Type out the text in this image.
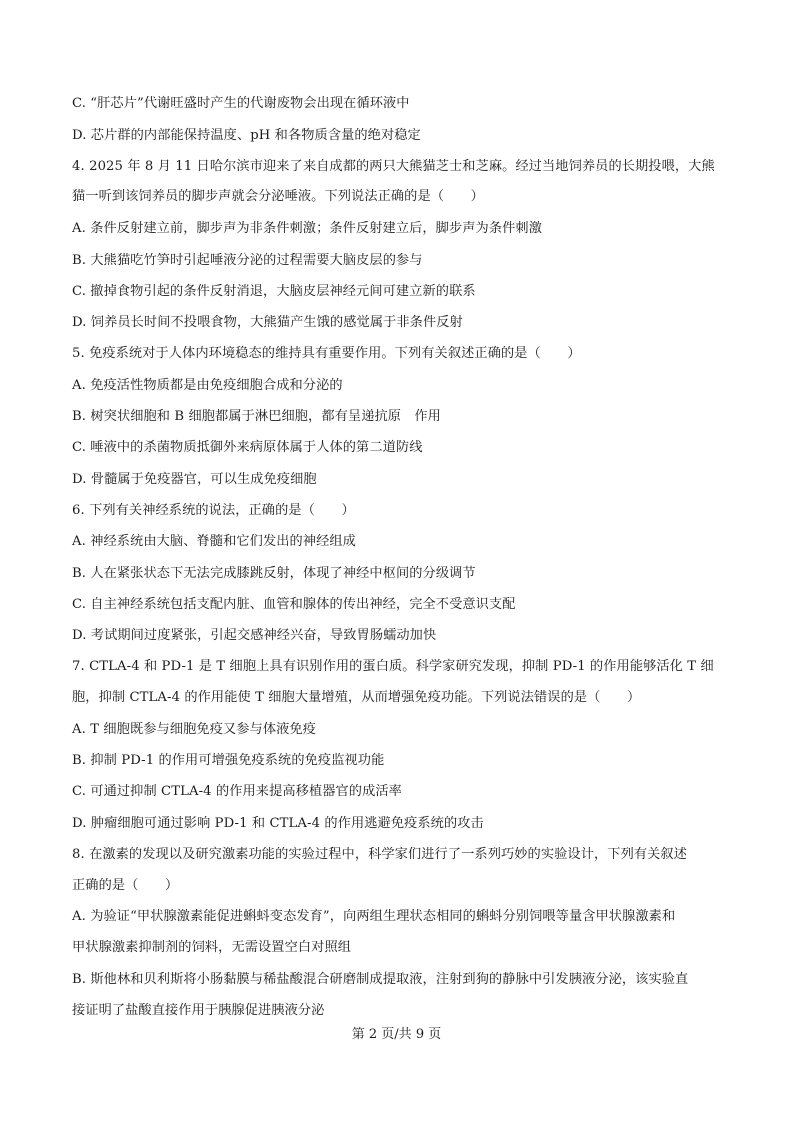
C. “肝芯片”代谢旺盛时产生的代谢废物会出现在循环液中
D. 芯片群的内部能保持温度、pH 和各物质含量的绝对稳定
4. 2025 年 8 月 11 日哈尔滨市迎来了来自成都的两只大熊猫芝士和芝麻。经过当地饲养员的长期投喂，大熊
猫一听到该饲养员的脚步声就会分泌唾液。下列说法正确的是（　　）
A. 条件反射建立前，脚步声为非条件刺激；条件反射建立后，脚步声为条件刺激
B. 大熊猫吃竹笋时引起唾液分泌的过程需要大脑皮层的参与
C. 撤掉食物引起的条件反射消退，大脑皮层神经元间可建立新的联系
D. 饲养员长时间不投喂食物，大熊猫产生饿的感觉属于非条件反射
5. 免疫系统对于人体内环境稳态的维持具有重要作用。下列有关叙述正确的是（　　）
A. 免疫活性物质都是由免疫细胞合成和分泌的
B. 树突状细胞和 B 细胞都属于淋巴细胞，都有呈递抗原　作用
C. 唾液中的杀菌物质抵御外来病原体属于人体的第二道防线
D. 骨髓属于免疫器官，可以生成免疫细胞
6. 下列有关神经系统的说法，正确的是（　　）
A. 神经系统由大脑、脊髓和它们发出的神经组成
B. 人在紧张状态下无法完成膝跳反射，体现了神经中枢间的分级调节
C. 自主神经系统包括支配内脏、血管和腺体的传出神经，完全不受意识支配
D. 考试期间过度紧张，引起交感神经兴奋，导致胃肠蠕动加快
7. CTLA-4 和 PD-1 是 T 细胞上具有识别作用的蛋白质。科学家研究发现，抑制 PD-1 的作用能够活化 T 细
胞，抑制 CTLA-4 的作用能使 T 细胞大量增殖，从而增强免疫功能。下列说法错误的是（　　）
A. T 细胞既参与细胞免疫又参与体液免疫
B. 抑制 PD-1 的作用可增强免疫系统的免疫监视功能
C. 可通过抑制 CTLA-4 的作用来提高移植器官的成活率
D. 肿瘤细胞可通过影响 PD-1 和 CTLA-4 的作用逃避免疫系统的攻击
8. 在激素的发现以及研究激素功能的实验过程中，科学家们进行了一系列巧妙的实验设计，下列有关叙述
正确的是（　　）
A. 为验证“甲状腺激素能促进蝌蚪变态发育”，向两组生理状态相同的蝌蚪分别饲喂等量含甲状腺激素和
甲状腺激素抑制剂的饲料，无需设置空白对照组
B. 斯他林和贝利斯将小肠黏膜与稀盐酸混合研磨制成提取液，注射到狗的静脉中引发胰液分泌，该实验直
接证明了盐酸直接作用于胰腺促进胰液分泌
第 2 页/共 9 页
